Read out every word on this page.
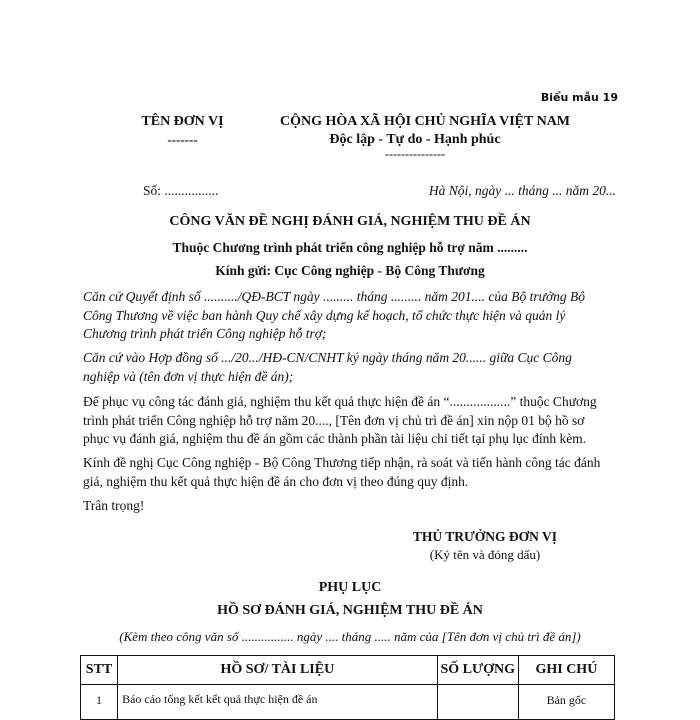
Biểu mẫu 19
TÊN ĐƠN VỊ
-------
Số: ................
CỘNG HÒA XÃ HỘI CHỦ NGHĨA VIỆT NAM
Độc lập - Tự do - Hạnh phúc
---------------
Hà Nội, ngày ... tháng ... năm 20...
CÔNG VĂN ĐỀ NGHỊ ĐÁNH GIÁ, NGHIỆM THU ĐỀ ÁN
Thuộc Chương trình phát triển công nghiệp hỗ trợ năm .........
Kính gửi: Cục Công nghiệp - Bộ Công Thương
Căn cứ Quyết định số ........../QĐ-BCT ngày ......... tháng ......... năm 201.... của Bộ trưởng Bộ Công Thương về việc ban hành Quy chế xây dựng kế hoạch, tổ chức thực hiện và quản lý Chương trình phát triển Công nghiệp hỗ trợ;
Căn cứ vào Hợp đồng số .../20.../HĐ-CN/CNHT ký ngày tháng năm 20...... giữa Cục Công nghiệp và (tên đơn vị thực hiện đề án);
Để phục vụ công tác đánh giá, nghiệm thu kết quả thực hiện đề án “..................” thuộc Chương trình phát triển Công nghiệp hỗ trợ năm 20...., [Tên đơn vị chủ trì đề án] xin nộp 01 bộ hồ sơ phục vụ đánh giá, nghiệm thu đề án gồm các thành phần tài liệu chi tiết tại phụ lục đính kèm.
Kính đề nghị Cục Công nghiệp - Bộ Công Thương tiếp nhận, rà soát và tiến hành công tác đánh giá, nghiệm thu kết quả thực hiện đề án cho đơn vị theo đúng quy định.
Trân trọng!
THỦ TRƯỞNG ĐƠN VỊ
(Ký tên và đóng dấu)
PHỤ LỤC
HỒ SƠ ĐÁNH GIÁ, NGHIỆM THU ĐỀ ÁN
(Kèm theo công văn số ................ ngày .... tháng ..... năm của [Tên đơn vị chủ trì đề án])
STT	HỒ SƠ/ TÀI LIỆU	SỐ LƯỢNG	GHI CHÚ
1	Báo cáo tổng kết kết quả thực hiện đề án		Bản gốc
